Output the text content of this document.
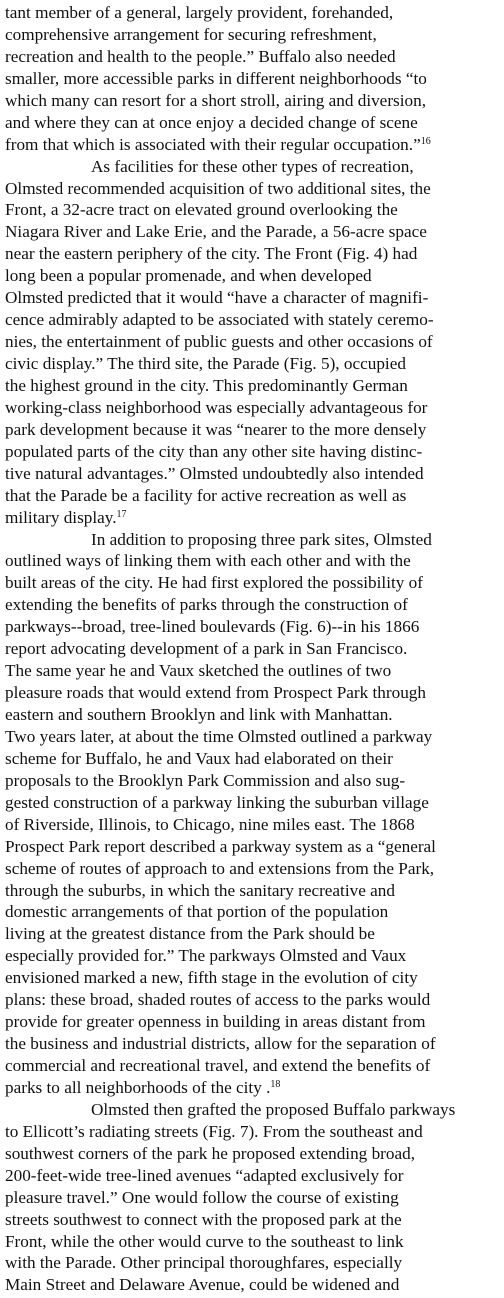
tant member of a general, largely provident, forehanded,
comprehensive arrangement for securing refreshment,
recreation and health to the people.” Buffalo also needed
smaller, more accessible parks in different neighborhoods “to
which many can resort for a short stroll, airing and diversion,
and where they can at once enjoy a decided change of scene
from that which is associated with their regular occupation.”$^{16}$
As facilities for these other types of recreation,
Olmsted recommended acquisition of two additional sites, the
Front, a 32-acre tract on elevated ground overlooking the
Niagara River and Lake Erie, and the Parade, a 56-acre space
near the eastern periphery of the city. The Front (Fig. 4) had
long been a popular promenade, and when developed
Olmsted predicted that it would “have a character of magnifi-
cence admirably adapted to be associated with stately ceremo-
nies, the entertainment of public guests and other occasions of
civic display.” The third site, the Parade (Fig. 5), occupied
the highest ground in the city. This predominantly German
working-class neighborhood was especially advantageous for
park development because it was “nearer to the more densely
populated parts of the city than any other site having distinc-
tive natural advantages.” Olmsted undoubtedly also intended
that the Parade be a facility for active recreation as well as
military display.$^{17}$
In addition to proposing three park sites, Olmsted
outlined ways of linking them with each other and with the
built areas of the city. He had first explored the possibility of
extending the benefits of parks through the construction of
parkways--broad, tree-lined boulevards (Fig. 6)--in his 1866
report advocating development of a park in San Francisco.
The same year he and Vaux sketched the outlines of two
pleasure roads that would extend from Prospect Park through
eastern and southern Brooklyn and link with Manhattan.
Two years later, at about the time Olmsted outlined a parkway
scheme for Buffalo, he and Vaux had elaborated on their
proposals to the Brooklyn Park Commission and also sug-
gested construction of a parkway linking the suburban village
of Riverside, Illinois, to Chicago, nine miles east. The 1868
Prospect Park report described a parkway system as a “general
scheme of routes of approach to and extensions from the Park,
through the suburbs, in which the sanitary recreative and
domestic arrangements of that portion of the population
living at the greatest distance from the Park should be
especially provided for.” The parkways Olmsted and Vaux
envisioned marked a new, fifth stage in the evolution of city
plans: these broad, shaded routes of access to the parks would
provide for greater openness in building in areas distant from
the business and industrial districts, allow for the separation of
commercial and recreational travel, and extend the benefits of
parks to all neighborhoods of the city .$^{18}$
Olmsted then grafted the proposed Buffalo parkways
to Ellicott’s radiating streets (Fig. 7). From the southeast and
southwest corners of the park he proposed extending broad,
200-feet-wide tree-lined avenues “adapted exclusively for
pleasure travel.” One would follow the course of existing
streets southwest to connect with the proposed park at the
Front, while the other would curve to the southeast to link
with the Parade. Other principal thoroughfares, especially
Main Street and Delaware Avenue, could be widened and
